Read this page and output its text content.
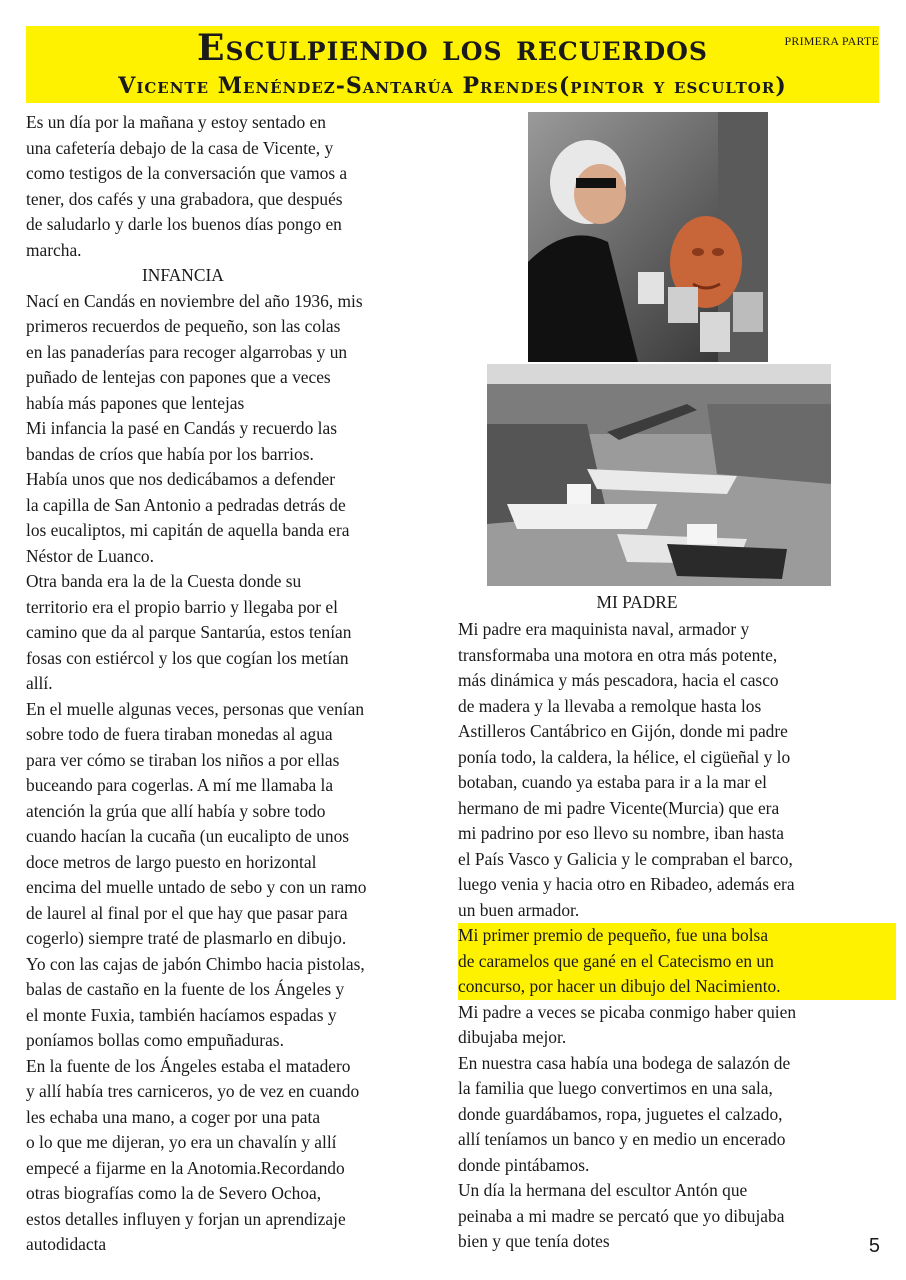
Esculpiendo los recuerdos
Vicente Menéndez-Santarúa Prendes(pintor y escultor)
PRIMERA PARTE

Es un día por la mañana y estoy sentado en

una cafetería debajo de la casa de Vicente, y

como testigos de la conversación que vamos a

tener, dos cafés y una grabadora, que después

de saludarlo y darle los buenos días pongo en

marcha.

INFANCIA

Nací en Candás en noviembre del año 1936, mis

primeros recuerdos de pequeño, son las colas

en las panaderías para recoger algarrobas y un

puñado de lentejas con papones que a veces

había más papones que lentejas

Mi infancia la pasé en Candás y recuerdo las

bandas de críos que había por los barrios.

Había unos que nos dedicábamos a defender

la capilla de San Antonio a pedradas detrás de

los eucaliptos, mi capitán de aquella banda era

Néstor de Luanco.

Otra banda era la de la Cuesta donde su

territorio era el propio barrio y llegaba por el

camino que da al parque Santarúa, estos tenían

fosas con estiércol y los que cogían los metían

allí.

En el muelle algunas veces, personas que venían

sobre todo de fuera tiraban monedas al agua

para ver cómo se tiraban los niños a por ellas

buceando para cogerlas. A mí me llamaba la

atención la grúa que allí había y sobre todo

cuando hacían la cucaña (un eucalipto de unos

doce metros de largo puesto en horizontal

encima del muelle untado de sebo y con un ramo

de laurel al final por el que hay que pasar para

cogerlo) siempre traté de plasmarlo en dibujo.

Yo con las cajas de jabón Chimbo hacia pistolas,

balas de castaño en la fuente de los Ángeles y

el monte Fuxia, también hacíamos espadas y

poníamos bollas como empuñaduras.

En la fuente de los Ángeles estaba el matadero

y allí había tres carniceros, yo de vez en cuando

les echaba una mano, a coger por una pata

o lo que me dijeran, yo era un chavalín y allí

empecé a fijarme en la Anotomia.Recordando

otras biografías como la de Severo Ochoa,

estos detalles influyen y forjan un aprendizaje

autodidacta

MI PADRE

Mi padre era maquinista naval, armador y

transformaba una motora en otra más potente,

más dinámica y más pescadora, hacia el casco

de madera y la llevaba a remolque hasta los

Astilleros Cantábrico en Gijón, donde mi padre

ponía todo, la caldera, la hélice, el cigüeñal y lo

botaban, cuando ya estaba para ir a la mar el

hermano de mi padre Vicente(Murcia) que era

mi padrino por eso llevo su nombre, iban hasta

el País Vasco y Galicia y le compraban el barco,

luego venia y hacia otro en Ribadeo, además era

un buen armador.

Mi primer premio de pequeño, fue una bolsa

de caramelos que gané en el Catecismo en un

concurso, por hacer un dibujo del Nacimiento.

Mi padre a veces se picaba conmigo haber quien

dibujaba mejor.

En nuestra casa había una bodega de salazón de

la familia que luego convertimos en una sala,

donde guardábamos, ropa, juguetes el calzado,

allí teníamos un banco y en medio un encerado

donde pintábamos.

Un día la hermana del escultor Antón que

peinaba a mi madre se percató que yo dibujaba

bien y que tenía dotes	5
